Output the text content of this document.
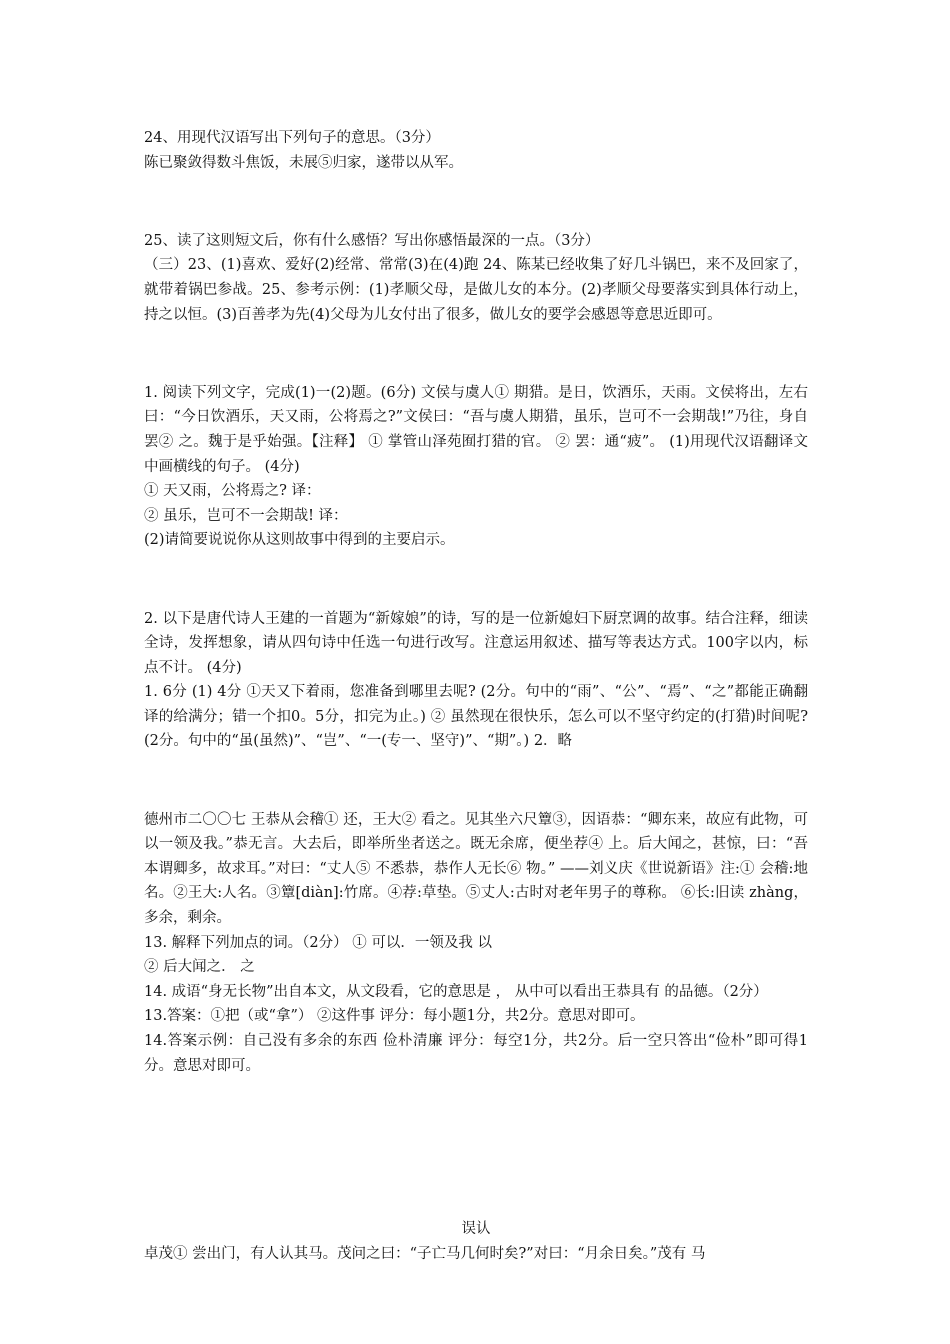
24、用现代汉语写出下列句子的意思。（3分）

陈已聚敛得数斗焦饭，未展⑤归家，遂带以从军。

25、读了这则短文后，你有什么感悟？写出你感悟最深的一点。（3分）

（三）23、(1)喜欢、爱好(2)经常、常常(3)在(4)跑 24、陈某已经收集了好几斗锅巴，来不及回家了，就带着锅巴参战。25、参考示例：(1)孝顺父母，是做儿女的本分。(2)孝顺父母要落实到具体行动上，持之以恒。(3)百善孝为先(4)父母为儿女付出了很多，做儿女的要学会感恩等意思近即可。

1. 阅读下列文字，完成(1)一(2)题。(6分) 文侯与虞人① 期猎。是日，饮酒乐，天雨。文侯将出，左右曰：“今日饮酒乐，天又雨，公将焉之?”文侯曰：“吾与虞人期猎，虽乐，岂可不一会期哉!”乃往，身自罢② 之。魏于是乎始强。【注释】 ① 掌管山泽苑囿打猎的官。 ② 罢：通“疲”。 (1)用现代汉语翻译文中画横线的句子。 (4分)

① 天又雨，公将焉之? 译：

② 虽乐，岂可不一会期哉! 译：

(2)请简要说说你从这则故事中得到的主要启示。

2. 以下是唐代诗人王建的一首题为“新嫁娘”的诗，写的是一位新媳妇下厨烹调的故事。结合注释，细读全诗，发挥想象，请从四句诗中任选一句进行改写。注意运用叙述、描写等表达方式。100字以内，标点不计。 (4分)

1. 6分 (1) 4分 ①天又下着雨，您准备到哪里去呢? (2分。句中的“雨”、“公”、“焉”、“之”都能正确翻译的给满分；错一个扣0。5分，扣完为止。) ② 虽然现在很快乐，怎么可以不坚守约定的(打猎)时间呢? (2分。句中的“虽(虽然)”、“岂”、“一(专一、坚守)”、“期”。) 2．略

德州市二〇〇七 王恭从会稽① 还，王大② 看之。见其坐六尺簟③，因语恭：“卿东来，故应有此物，可以一领及我。”恭无言。大去后，即举所坐者送之。既无余席，便坐荐④ 上。后大闻之，甚惊，曰：“吾本谓卿多，故求耳。”对曰：“丈人⑤ 不悉恭，恭作人无长⑥ 物。” ——刘义庆《世说新语》注:① 会稽:地名。②王大:人名。③簟[diàn]:竹席。④荐:草垫。⑤丈人:古时对老年男子的尊称。 ⑥长:旧读 zhàng，多余，剩余。

13. 解释下列加点的词。（2分） ① 可以．一领及我 以

② 后大闻之． 之

14. 成语“身无长物”出自本文，从文段看，它的意思是 ， 从中可以看出王恭具有 的品德。（2分）

13.答案：①把（或“拿”） ②这件事 评分：每小题1分，共2分。意思对即可。

14.答案示例：自己没有多余的东西 俭朴清廉 评分：每空1分，共2分。后一空只答出“俭朴”即可得1分。意思对即可。

误认

卓茂① 尝出门，有人认其马。茂问之曰：“子亡马几何时矣?”对曰：“月余日矣。”茂有 马
